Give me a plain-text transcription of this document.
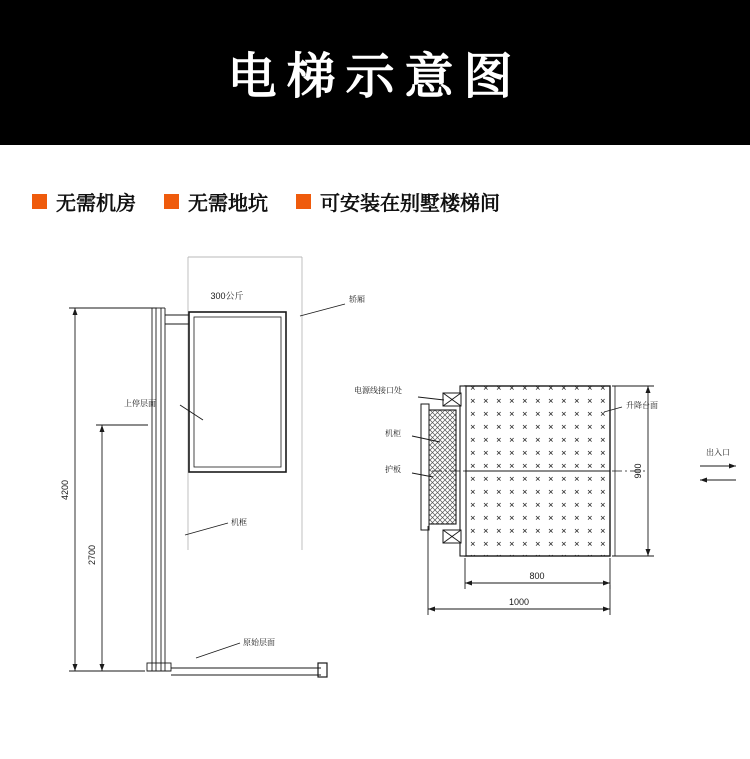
电梯示意图
无需机房	无需地坑	可安装在别墅楼梯间
300公斤	轿厢
上停层面
机框
原始层面
4200
2700
电源线接口处
机柜
护板
升降台面
出入口
900
800
1000
